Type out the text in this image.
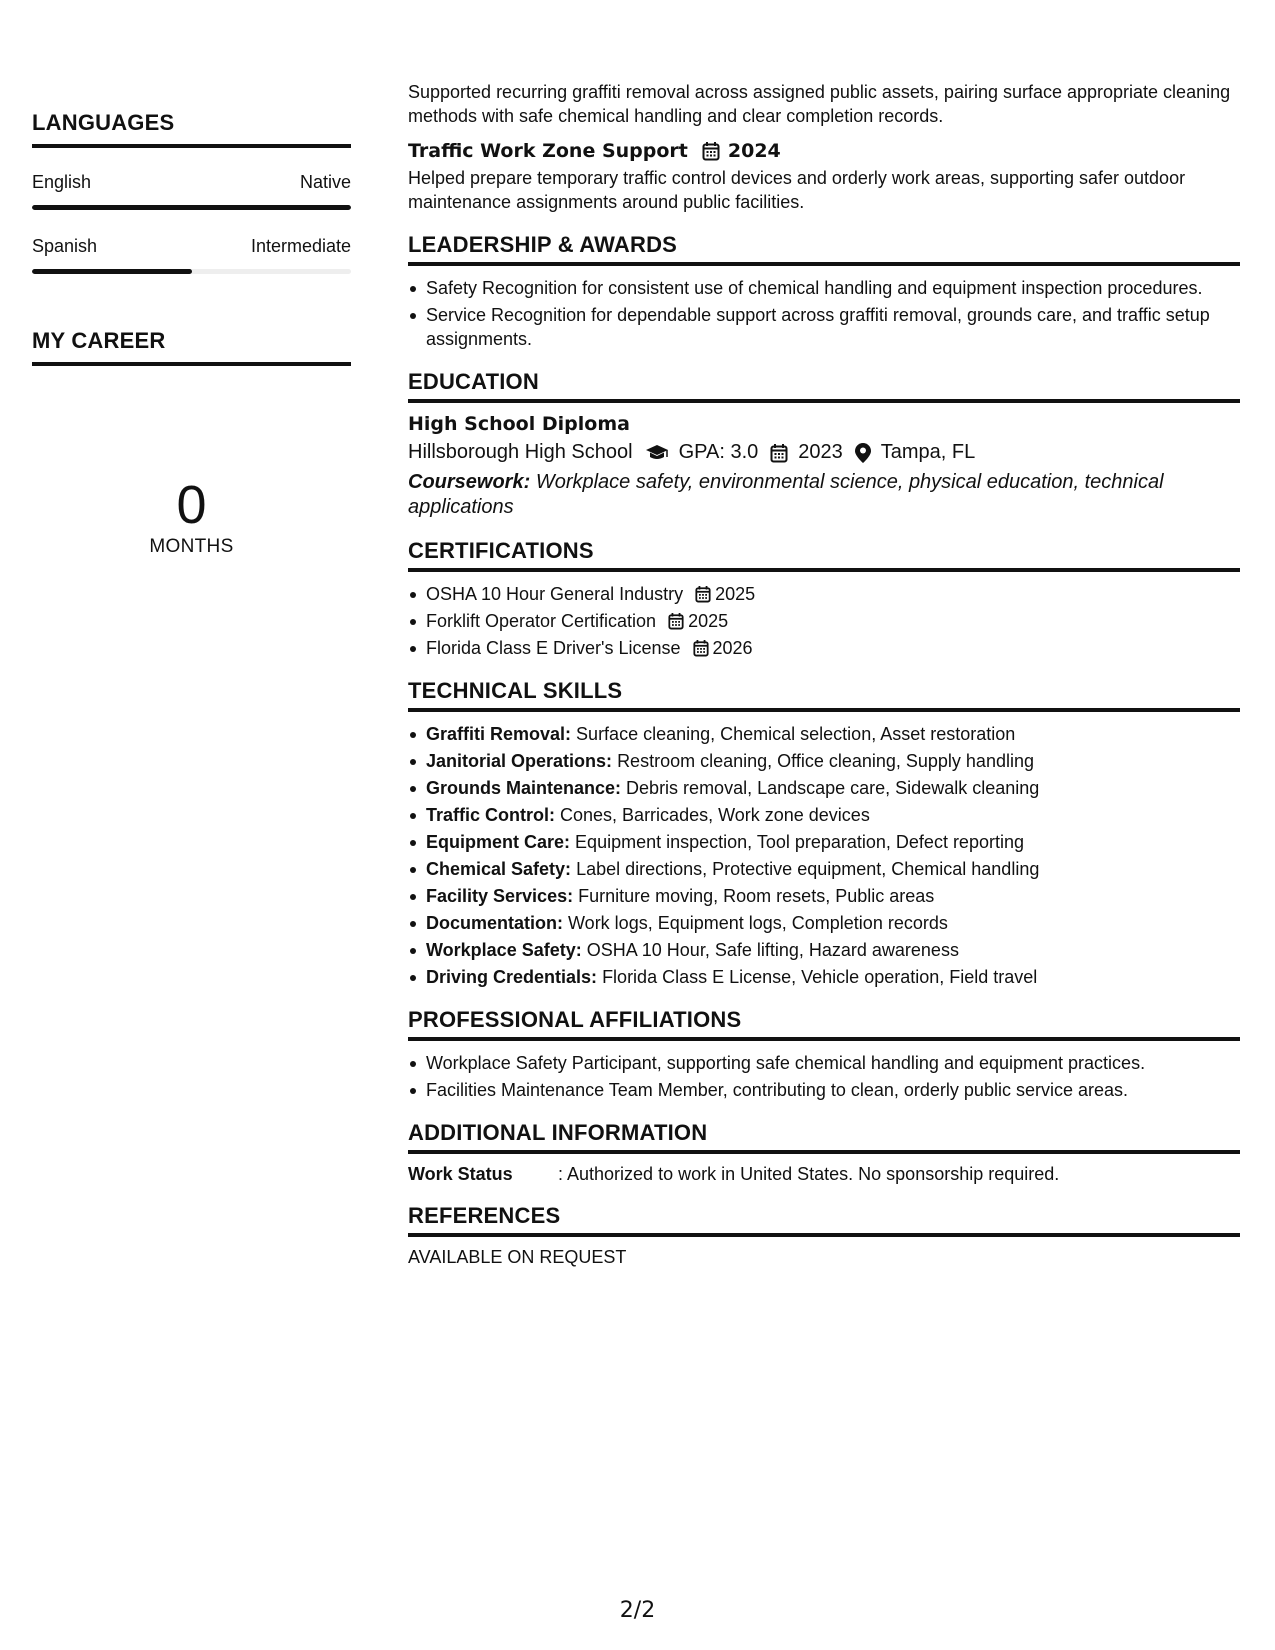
LANGUAGES
English	Native
Spanish	Intermediate
MY CAREER
0
MONTHS
Supported recurring graffiti removal across assigned public assets, pairing surface appropriate cleaning methods with safe chemical handling and clear completion records.
Traffic Work Zone Support 2024
Helped prepare temporary traffic control devices and orderly work areas, supporting safer outdoor maintenance assignments around public facilities.
LEADERSHIP & AWARDS
Safety Recognition for consistent use of chemical handling and equipment inspection procedures.
Service Recognition for dependable support across graffiti removal, grounds care, and traffic setup assignments.
EDUCATION
High School Diploma
Hillsborough High School GPA: 3.0 2023 Tampa, FL
Coursework: Workplace safety, environmental science, physical education, technical applications
CERTIFICATIONS
OSHA 10 Hour General Industry 2025
Forklift Operator Certification 2025
Florida Class E Driver's License 2026
TECHNICAL SKILLS
Graffiti Removal: Surface cleaning, Chemical selection, Asset restoration
Janitorial Operations: Restroom cleaning, Office cleaning, Supply handling
Grounds Maintenance: Debris removal, Landscape care, Sidewalk cleaning
Traffic Control: Cones, Barricades, Work zone devices
Equipment Care: Equipment inspection, Tool preparation, Defect reporting
Chemical Safety: Label directions, Protective equipment, Chemical handling
Facility Services: Furniture moving, Room resets, Public areas
Documentation: Work logs, Equipment logs, Completion records
Workplace Safety: OSHA 10 Hour, Safe lifting, Hazard awareness
Driving Credentials: Florida Class E License, Vehicle operation, Field travel
PROFESSIONAL AFFILIATIONS
Workplace Safety Participant, supporting safe chemical handling and equipment practices.
Facilities Maintenance Team Member, contributing to clean, orderly public service areas.
ADDITIONAL INFORMATION
Work Status	: Authorized to work in United States. No sponsorship required.
REFERENCES
AVAILABLE ON REQUEST
2/2
